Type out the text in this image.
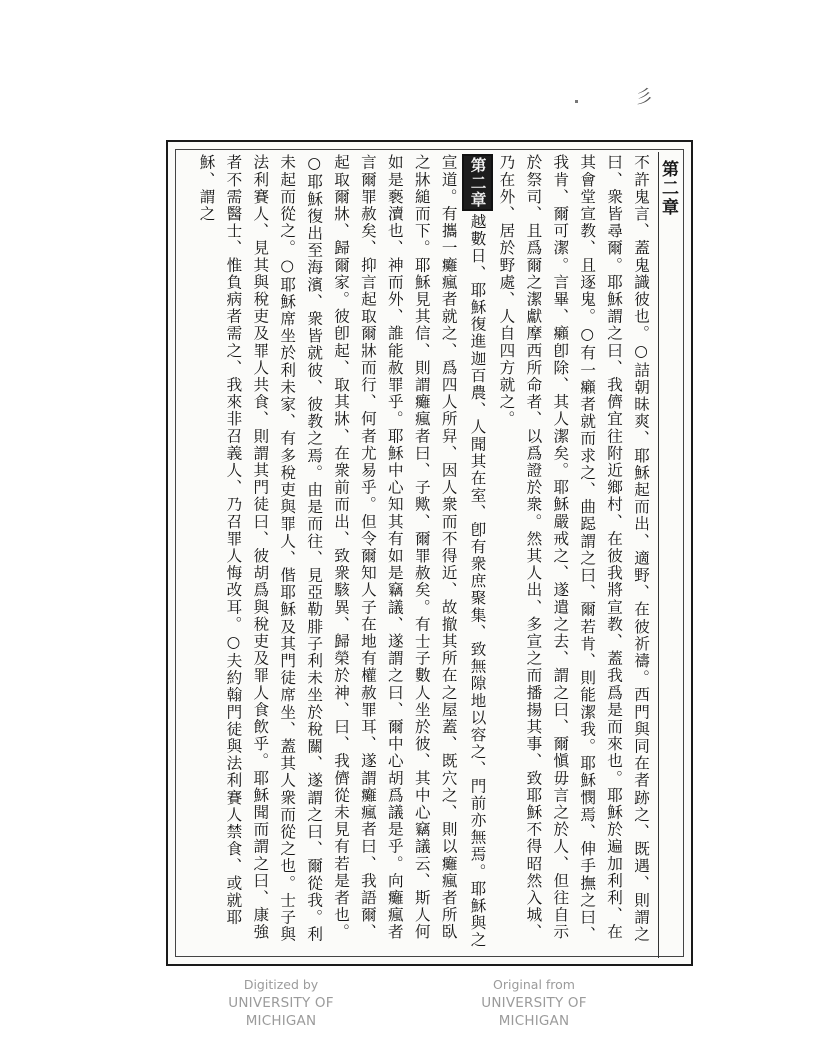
彡
第二章

不許鬼言、蓋鬼識彼也。○詰朝昧爽、耶穌起而出、適野、在彼祈禱。西門與同在者跡之、既遇、則謂之曰、衆皆尋爾。耶穌謂之曰、我儕宜往附近鄉村、在彼我將宣教、蓋我爲是而來也。耶穌於遍加利利、在其會堂宣教、且逐鬼。○有一癩者就而求之、曲跽謂之曰、爾若肯、則能潔我。耶穌憫焉、伸手撫之曰、我肯、爾可潔。言畢、癩卽除、其人潔矣。耶穌嚴戒之、遂遣之去、謂之曰、爾愼毋言之於人、但往自示於祭司、且爲爾之潔獻摩西所命者、以爲證於衆。然其人出、多宣之而播揚其事、致耶穌不得昭然入城、乃在外、居於野處、人自四方就之。

第二章越數日、耶穌復進迦百農、人聞其在室、卽有衆庶聚集、致無隙地以容之、門前亦無焉。耶穌與之宣道。有攜一癱瘋者就之、爲四人所舁、因人衆而不得近、故撤其所在之屋蓋、既穴之、則以癱瘋者所臥之牀縋而下。耶穌見其信、則謂癱瘋者曰、子歟、爾罪赦矣。有士子數人坐於彼、其中心竊議云、斯人何如是褻瀆也、神而外、誰能赦罪乎。耶穌中心知其有如是竊議、遂謂之曰、爾中心胡爲議是乎。向癱瘋者言爾罪赦矣、抑言起取爾牀而行、何者尤易乎。但令爾知人子在地有權赦罪耳、遂謂癱瘋者曰、我語爾、起取爾牀、歸爾家。彼卽起、取其牀、在衆前而出、致衆駭異、歸榮於神、曰、我儕從未見有若是者也。○耶穌復出至海濱、衆皆就彼、彼教之焉。由是而往、見亞勒腓子利未坐於稅關、遂謂之曰、爾從我。利未起而從之。○耶穌席坐於利未家、有多稅吏與罪人、偕耶穌及其門徒席坐、蓋其人衆而從之也。士子與法利賽人、見其與稅吏及罪人共食、則謂其門徒曰、彼胡爲與稅吏及罪人食飲乎。耶穌聞而謂之曰、康強者不需醫士、惟負病者需之、我來非召義人、乃召罪人悔改耳。○夫約翰門徒與法利賽人禁食、或就耶穌、謂之

Digitized by
UNIVERSITY OF MICHIGAN
Original from
UNIVERSITY OF MICHIGAN
